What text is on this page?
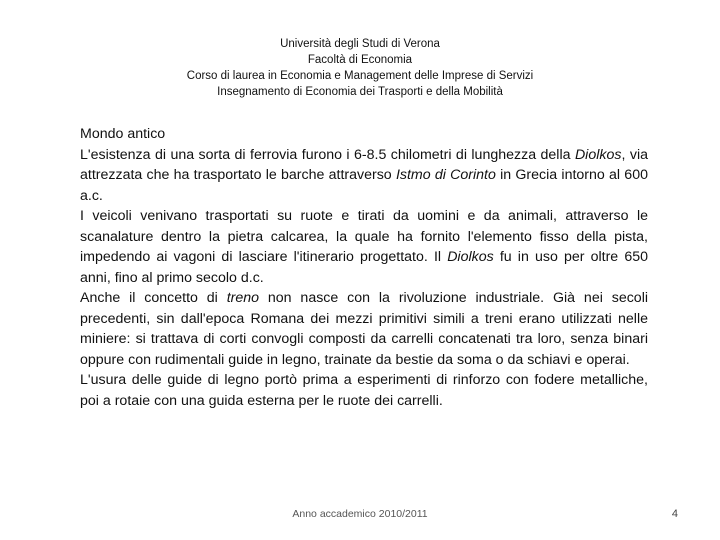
Università degli Studi di Verona
Facoltà di Economia
Corso di laurea in Economia e Management delle Imprese di Servizi
Insegnamento di Economia dei Trasporti e della Mobilità

Mondo antico

L'esistenza di una sorta di ferrovia furono i 6-8.5 chilometri di lunghezza della Diolkos, via attrezzata che ha trasportato le barche attraverso Istmo di Corinto in Grecia intorno al 600 a.c.

I veicoli venivano trasportati su ruote e tirati da uomini e da animali, attraverso le scanalature dentro la pietra calcarea, la quale ha fornito l'elemento fisso della pista, impedendo ai vagoni di lasciare l'itinerario progettato. Il Diolkos fu in uso per oltre 650 anni, fino al primo secolo d.c.

Anche il concetto di treno non nasce con la rivoluzione industriale. Già nei secoli precedenti, sin dall'epoca Romana dei mezzi primitivi simili a treni erano utilizzati nelle miniere: si trattava di corti convogli composti da carrelli concatenati tra loro, senza binari oppure con rudimentali guide in legno, trainate da bestie da soma o da schiavi e operai.

L'usura delle guide di legno portò prima a esperimenti di rinforzo con fodere metalliche, poi a rotaie con una guida esterna per le ruote dei carrelli.

Anno accademico 2010/2011	4
